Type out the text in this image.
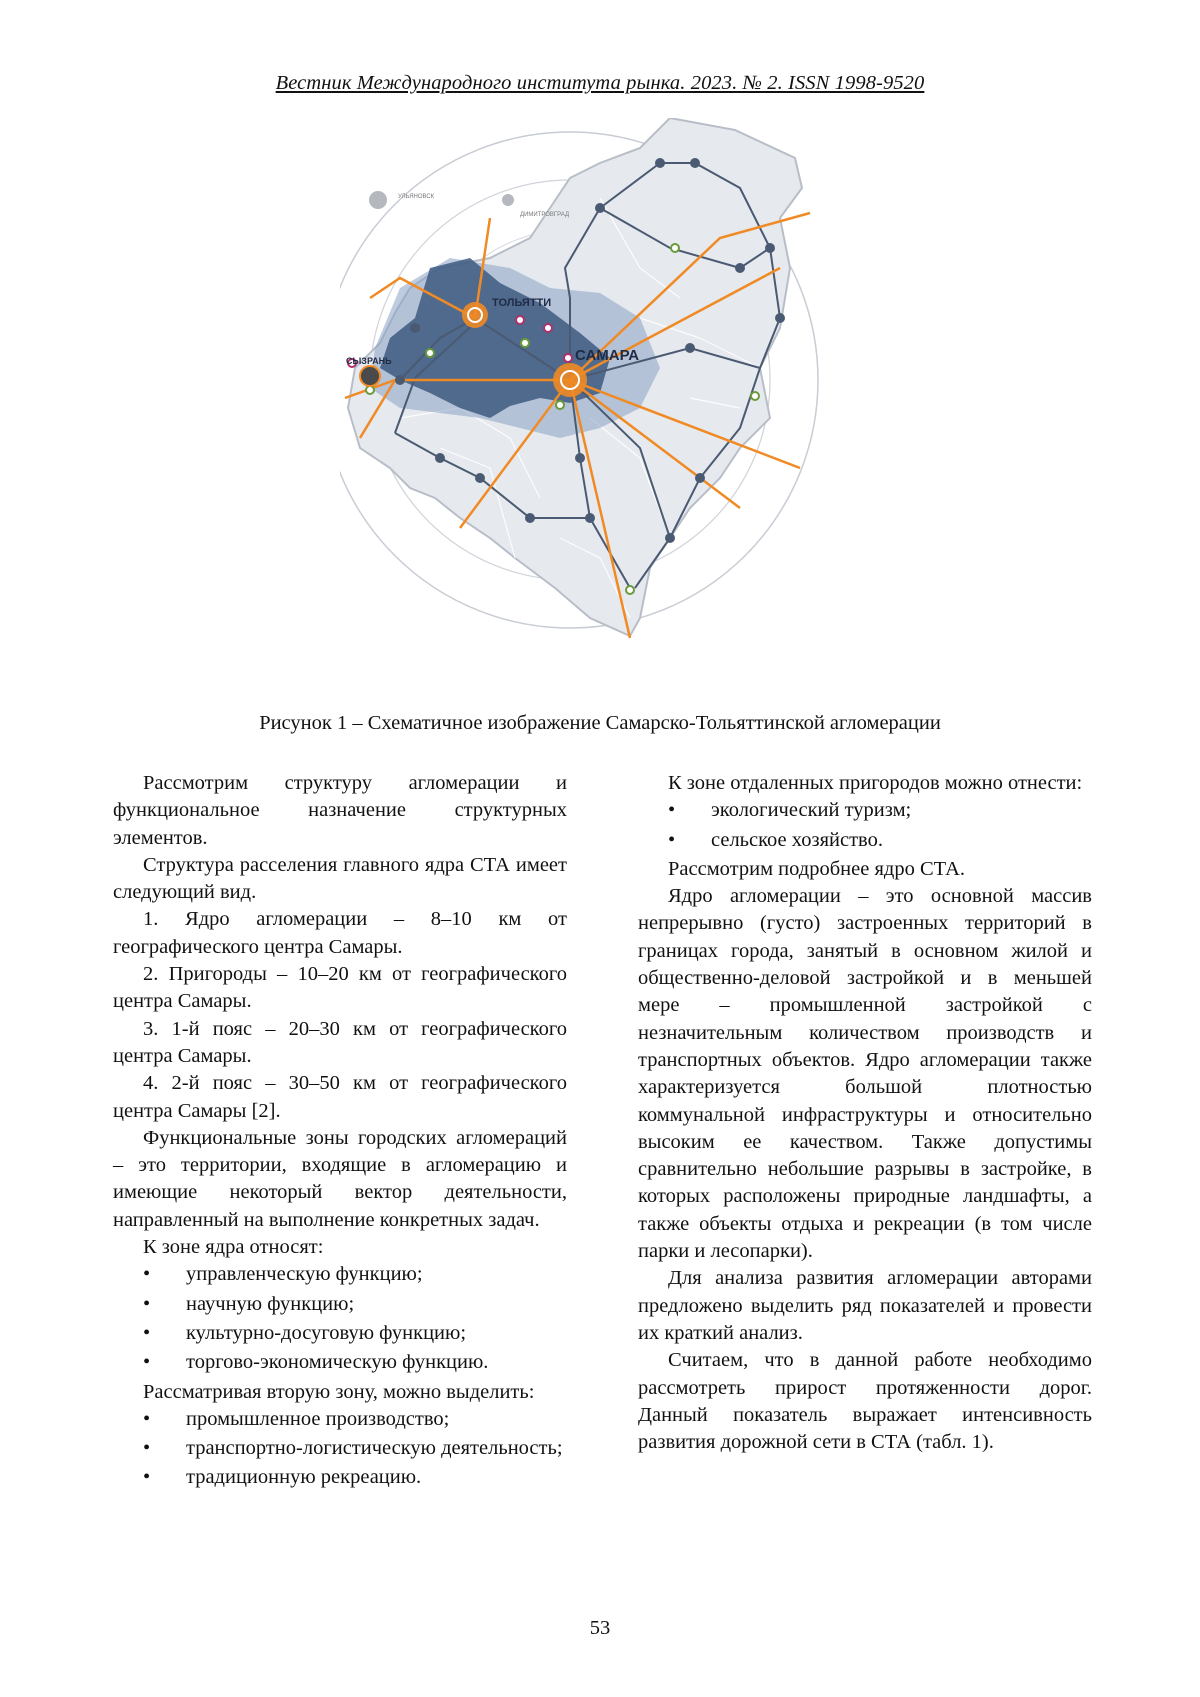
Вестник Международного института рынка. 2023. № 2. ISSN 1998-9520
УЛЬЯНОВСК
ДИМИТРОВГРАД
ТОЛЬЯТТИ
САМАРА
СЫЗРАНЬ
Рисунок 1 – Схематичное изображение Самарско-Тольяттинской агломерации

Рассмотрим структуру агломерации и функциональное назначение структурных элементов.

Структура расселения главного ядра СТА имеет следующий вид.

1. Ядро агломерации – 8–10 км от географического центра Самары.

2. Пригороды – 10–20 км от географического центра Самары.

3. 1-й пояс – 20–30 км от географического центра Самары.

4. 2-й пояс – 30–50 км от географического центра Самары [2].

Функциональные зоны городских агломераций – это территории, входящие в агломерацию и имеющие некоторый вектор деятельности, направленный на выполнение конкретных задач.

К зоне ядра относят:

• управленческую функцию;
• научную функцию;
• культурно-досуговую функцию;
• торгово-экономическую функцию.

Рассматривая вторую зону, можно выделить:

• промышленное производство;
• транспортно-логистическую деятельность;
• традиционную рекреацию.

К зоне отдаленных пригородов можно отнести:

• экологический туризм;
• сельское хозяйство.

Рассмотрим подробнее ядро СТА.

Ядро агломерации – это основной массив непрерывно (густо) застроенных территорий в границах города, занятый в основном жилой и общественно-деловой застройкой и в меньшей мере – промышленной застройкой с незначительным количеством производств и транспортных объектов. Ядро агломерации также характеризуется большой плотностью коммунальной инфраструктуры и относительно высоким ее качеством. Также допустимы сравнительно небольшие разрывы в застройке, в которых расположены природные ландшафты, а также объекты отдыха и рекреации (в том числе парки и лесопарки).

Для анализа развития агломерации авторами предложено выделить ряд показателей и провести их краткий анализ.

Считаем, что в данной работе необходимо рассмотреть прирост протяженности дорог. Данный показатель выражает интенсивность развития дорожной сети в СТА (табл. 1).

53
